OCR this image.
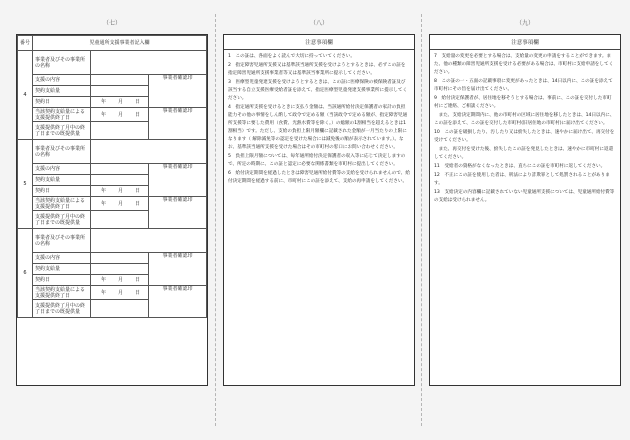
（七）
番号	児童通所支援事業者記入欄		
4	事業者及びその事業所の名称		
	支援の内容		事業者確認印
	契約支給量		
	契約日	年 月 日	
	当該契約支給量による支援提供終了日	年 月 日	事業者確認印
	支援提供終了月中の終了日までの既提供量		
5	事業者及びその事業所の名称		
	支援の内容		事業者確認印
	契約支給量		
	契約日	年 月 日	
	当該契約支給量による支援提供終了日	年 月 日	事業者確認印
	支援提供終了月中の終了日までの既提供量		
6	事業者及びその事業所の名称		
	支援の内容		事業者確認印
	契約支給量		
	契約日	年 月 日	
	当該契約支給量による支援提供終了日	年 月 日	事業者確認印
	支援提供終了月中の終了日までの既提供量		
（八）
注意事項欄

1　この証は、各面をよく読んで大切に持っていてください。

2　指定障害児通所支援又は基準該当通所支援を受けようとするときは、必ずこの証を指定障害児通所支援事業者等又は基準該当事業所に提示してください。

3　医療型児童発達支援を受けようとするときは、この証に医療保険の被保険者証及び該当する自立支援医療受給者証を添えて、指定医療型児童発達支援事業所に提示してください。

4　指定通所支援を受けるときに支払う金額は、当該通所給付決定保護者の家計の負担能力その他の事情をしん酌して政令で定める額（当該政令で定める額が、指定障害児通所支援等に要した費用（食費、光熱水費等を除く。）の総額の1割相当を超えるときは1割相当）です。ただし、支給の負担上限月額欄に記載された金額が一月当たりの上限になります（ 解除減免等の認定を受けた場合には減免後の額が表示されています。）。なお、基準該当通所支援を受けた場合はその市町村の窓口にお問い合わせください。

5　負担上限月額については、毎年通所給付決定保護者の収入等に応じて決定しますので、所定の時期に、この証と認定に必要な関係書類を市町村に提出してください。

6　給付決定期間を経過したときは障害児通所給付費等の支給を受けられませんので、給付決定期間を経過する前に、市町村にこの証を添えて、支給の再申請をしてください。

（九）
注意事項欄

7　支給量の変更を必要とする場合は、支給量の変更の申請をすることができます。また、他の種類の障害児通所支援を受ける必要がある場合は、市町村に支給申請をしてください。

8　この証の一・五面の記載事項に変更があったときは、14日以内に、この証を添えて市町村にその旨を届け出てください。

9　給付決定保護者が、居住地を移そうとする場合は、事前に、この証を交付した市町村にご連絡、ご相談ください。

　また、支給決定期間内に、他の市町村の区域に居住地を移したときは、14日以内に、この証を添えて、この証を交付した市町村(旧居住地の市町村)に届け出てください。

10　この証を破損したり、汚したり又は紛失したときは、速やかに届け出て、再交付を受けてください。

　また、再交付を受けた後、紛失したこの証を発見したときは、速やかに市町村に返還してください。

11　受給者の資格がなくなったときは、直ちにこの証を市町村に返してください。

12　不正にこの証を使用した者は、刑法により詐欺罪として処罰されることがあります。

13　支給決定の内容欄に記載されていない児童通所支援については、児童通所給付費等の支給は受けられません。
